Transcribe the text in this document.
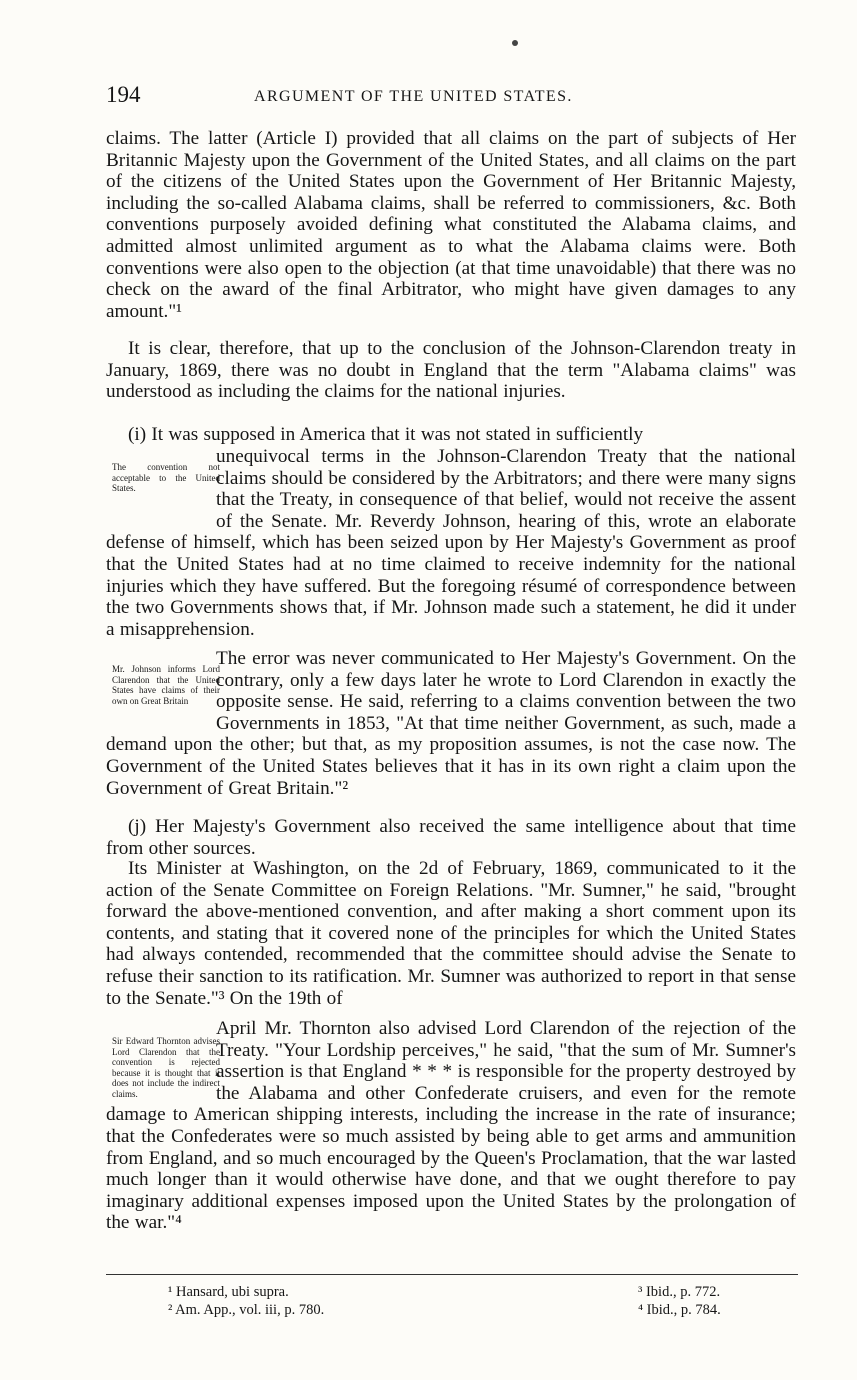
194	ARGUMENT OF THE UNITED STATES.

claims. The latter (Article I) provided that all claims on the part of subjects of Her Britannic Majesty upon the Government of the United States, and all claims on the part of the citizens of the United States upon the Government of Her Britannic Majesty, including the so-called Alabama claims, shall be referred to commissioners, &c. Both conventions purposely avoided defining what constituted the Alabama claims, and admitted almost unlimited argument as to what the Alabama claims were. Both conventions were also open to the objection (at that time unavoidable) that there was no check on the award of the final Arbitrator, who might have given damages to any amount."¹

It is clear, therefore, that up to the conclusion of the Johnson-Clarendon treaty in January, 1869, there was no doubt in England that the term "Alabama claims" was understood as including the claims for the national injuries.

(i) It was supposed in America that it was not stated in sufficiently

The convention not acceptable to the United States.

unequivocal terms in the Johnson-Clarendon Treaty that the national claims should be considered by the Arbitrators; and there were many signs that the Treaty, in consequence of that belief, would not receive the assent of the Senate. Mr. Reverdy Johnson, hearing of this, wrote an elaborate defense of himself, which has been seized upon by Her Majesty's Government as proof that the United States had at no time claimed to receive indemnity for the national injuries which they have suffered. But the foregoing résumé of correspondence between the two Governments shows that, if Mr. Johnson made such a statement, he did it under a misapprehension.

Mr. Johnson informs Lord Clarendon that the United States have claims of their own on Great Britain

The error was never communicated to Her Majesty's Government. On the contrary, only a few days later he wrote to Lord Clarendon in exactly the opposite sense. He said, referring to a claims convention between the two Governments in 1853, "At that time neither Government, as such, made a demand upon the other; but that, as my proposition assumes, is not the case now. The Government of the United States believes that it has in its own right a claim upon the Government of Great Britain."²

(j) Her Majesty's Government also received the same intelligence about that time from other sources.

Its Minister at Washington, on the 2d of February, 1869, communicated to it the action of the Senate Committee on Foreign Relations. "Mr. Sumner," he said, "brought forward the above-mentioned convention, and after making a short comment upon its contents, and stating that it covered none of the principles for which the United States had always contended, recommended that the committee should advise the Senate to refuse their sanction to its ratification. Mr. Sumner was authorized to report in that sense to the Senate."³ On the 19th of

Sir Edward Thornton advises Lord Clarendon that the convention is rejected because it is thought that it does not include the indirect claims.

April Mr. Thornton also advised Lord Clarendon of the rejection of the Treaty. "Your Lordship perceives," he said, "that the sum of Mr. Sumner's assertion is that England * * * is responsible for the property destroyed by the Alabama and other Confederate cruisers, and even for the remote damage to American shipping interests, including the increase in the rate of insurance; that the Confederates were so much assisted by being able to get arms and ammunition from England, and so much encouraged by the Queen's Proclamation, that the war lasted much longer than it would otherwise have done, and that we ought therefore to pay imaginary additional expenses imposed upon the United States by the prolongation of the war."⁴
¹ Hansard, ubi supra.
² Am. App., vol. iii, p. 780.
³ Ibid., p. 772.
⁴ Ibid., p. 784.
